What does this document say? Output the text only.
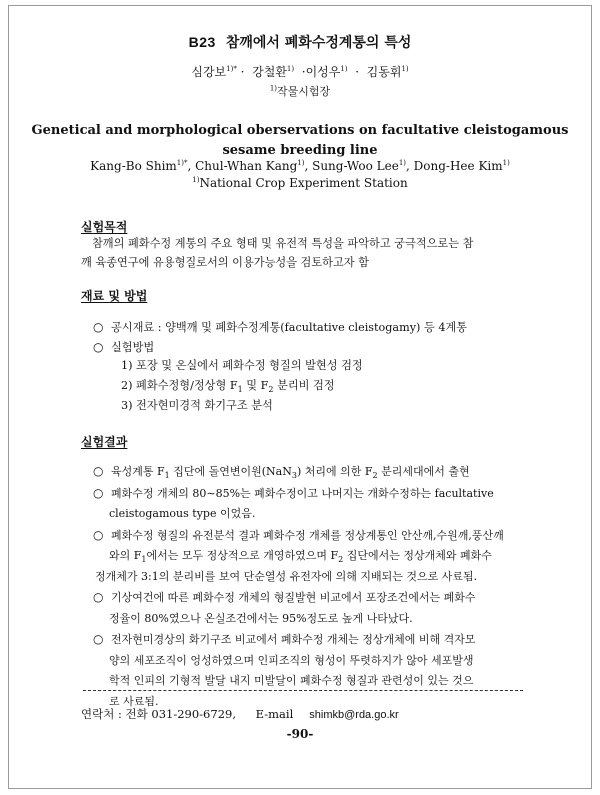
B23 참깨에서 폐화수정계통의 특성
심강보$^{1)*}$ · 강철환$^{1)}$ ·이성우$^{1)}$ · 김동휘$^{1)}$
$^{1)}$작물시험장
Genetical and morphological oberservations on facultative cleistogamous
sesame breeding line
Kang-Bo Shim$^{1)*}$, Chul-Whan Kang$^{1)}$, Sung-Woo Lee$^{1)}$, Dong-Hee Kim$^{1)}$
$^{1)}$National Crop Experiment Station
실험목적
참깨의 폐화수정 계통의 주요 형태 및 유전적 특성을 파악하고 궁극적으로는 참
깨 육종연구에 유용형질로서의 이용가능성을 검토하고자 함
재료 및 방법
○ 공시재료 : 양백깨 및 폐화수정계통(facultative cleistogamy) 등 4계통
○ 실험방법
1) 포장 및 온실에서 폐화수정 형질의 발현성 검정
2) 폐화수정형/정상형 $F_1$ 및 $F_2$ 분리비 검정
3) 전자현미경적 화기구조 분석
실험결과
○ 육성계통 $F_1$ 집단에 돌연변이원(NaN$_3$) 처리에 의한 $F_2$ 분리세대에서 출현
○ 폐화수정 개체의 80∼85%는 폐화수정이고 나머지는 개화수정하는 facultative
cleistogamous type 이었음.
○ 폐화수정 형질의 유전분석 결과 폐화수정 개체를 정상계통인 안산깨,수원깨,풍산깨
와의 $F_1$에서는 모두 정상적으로 개영하였으며 $F_2$ 집단에서는 정상개체와 폐화수
정개체가 3:1의 분리비를 보여 단순열성 유전자에 의해 지배되는 것으로 사료됨.
○ 기상여건에 따른 폐화수정 개체의 형질발현 비교에서 포장조건에서는 폐화수
정율이 80%였으나 온실조건에서는 95%정도로 높게 나타났다.
○ 전자현미경상의 화기구조 비교에서 폐화수정 개체는 정상개체에 비해 격자모
양의 세포조직이 엉성하였으며 인피조직의 형성이 뚜렷하지가 않아 세포발생
학적 인피의 기형적 발달 내지 미발달이 폐화수정 형질과 관련성이 있는 것으
로 사료됨.
연락처 : 전화 031-290-6729, E-mail shimkb@rda.go.kr
-90-
